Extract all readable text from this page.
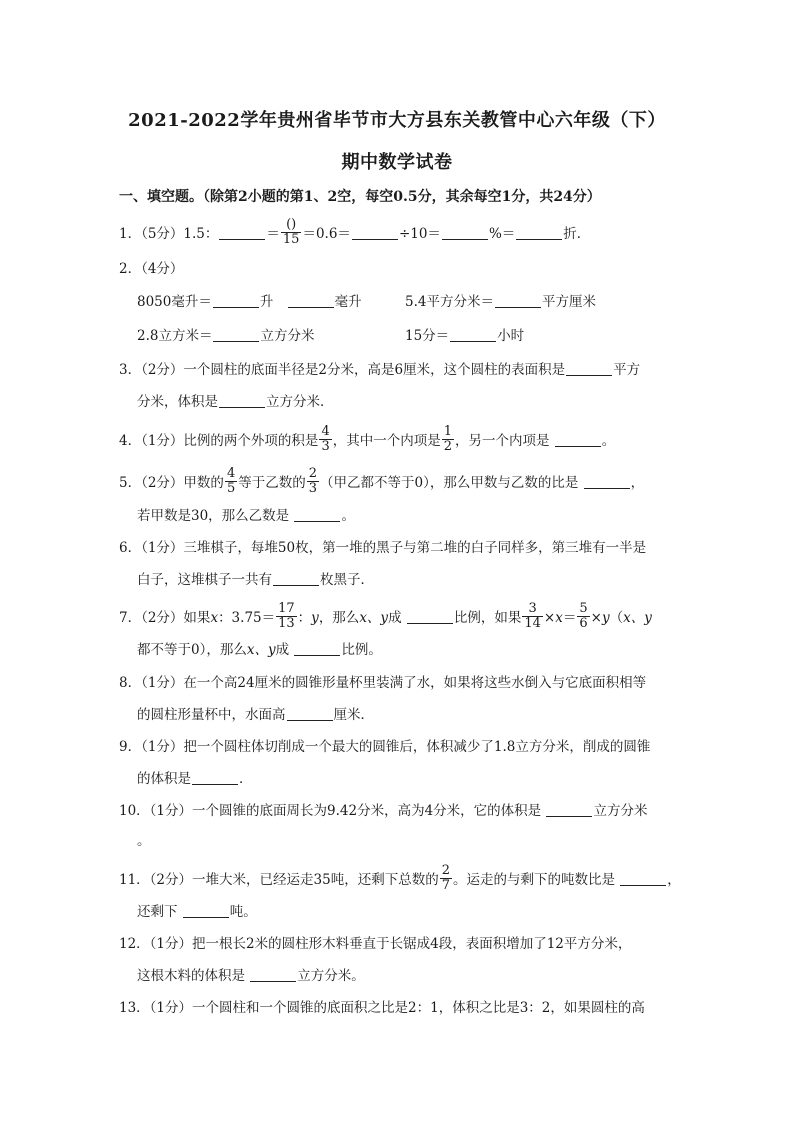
2021-2022学年贵州省毕节市大方县东关教管中心六年级（下）
期中数学试卷
一、填空题。（除第2小题的第1、2空，每空0.5分，其余每空1分，共24分）
1．（5分）1.5：	＝ $\frac{()}{15} =0.6=$	÷10＝	%＝	折．
2．（4分）
8050毫升＝	升	毫升	5.4平方分米＝	平方厘米
2.8立方米＝	立方分米	15分＝	小时
3．（2分）一个圆柱的底面半径是2分米，高是6厘米，这个圆柱的表面积是	平方
分米，体积是	立方分米．
4．（1分）比例的两个外项的积是 $\frac{4}{3}$ ，其中一个内项是 $\frac{1}{2}$ ，另一个内项是	。
5．（2分）甲数的 $\frac{4}{5}$ 等于乙数的 $\frac{2}{3}$ （甲乙都不等于0），那么甲数与乙数的比是	，
若甲数是30，那么乙数是	。
6．（1分）三堆棋子，每堆50枚，第一堆的黑子与第二堆的白子同样多，第三堆有一半是
白子，这堆棋子一共有	枚黑子．
7．（2分）如果x：$3.75= \frac{17}{13}$ ：y，那么x、y成	比例，如果 $\frac{3}{14} \times x= \frac{5}{6} \times y(x$、y
都不等于0），那么x、y成	比例。
8．（1分）在一个高24厘米的圆锥形量杯里装满了水，如果将这些水倒入与它底面积相等
的圆柱形量杯中，水面高	厘米．
9．（1分）把一个圆柱体切削成一个最大的圆锥后，体积减少了1.8立方分米，削成的圆锥
的体积是	．
10．（1分）一个圆锥的底面周长为9.42分米，高为4分米，它的体积是	立方分米
。
11．（2分）一堆大米，已经运走35吨，还剩下总数的 $\frac{2}{7}$ 。运走的与剩下的吨数比是	，
还剩下	吨。
12．（1分）把一根长2米的圆柱形木料垂直于长锯成4段，表面积增加了12平方分米，
这根木料的体积是	立方分米。
13．（1分）一个圆柱和一个圆锥的底面积之比是2：1，体积之比是3：2，如果圆柱的高
